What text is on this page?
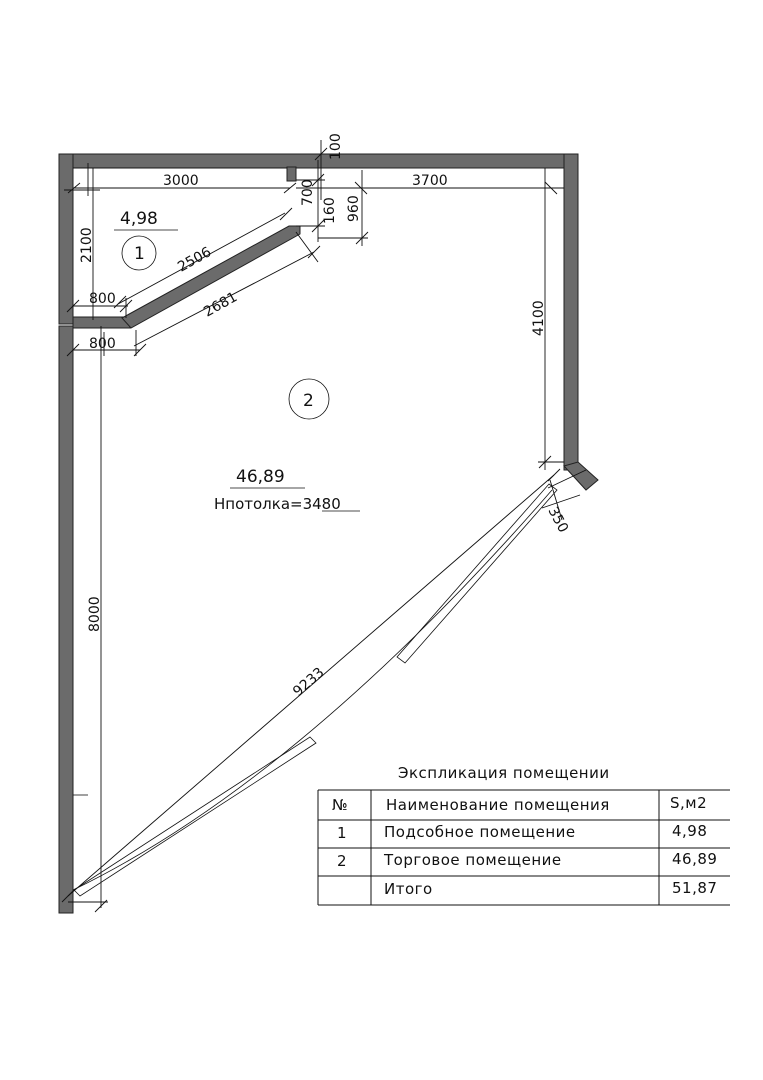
3000	3700
100
700
160 960
2100
800
800
2506
2681	4100
350
8000
9233
4,98
1
2
46,89
Нпотолка=3480
Экспликация помещении
№	Наименование помещения	S,м2
1 Подсобное помещение	4,98
2 Торговое помещение	46,89
Итого	51,87
